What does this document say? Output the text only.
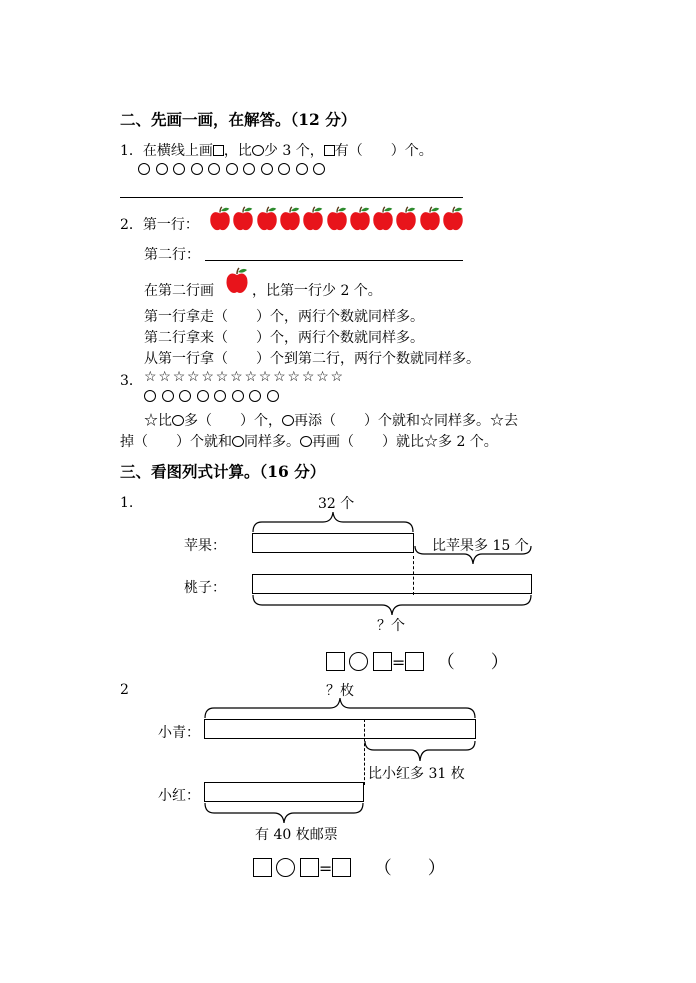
二、先画一画，在解答。（12 分）
1．在横线上画 ，比 少 3 个， 有（　　）个。
2．第一行：
第二行：
在第二行画	，比第一行少 2 个。
第一行拿走（　　）个，两行个数就同样多。
第二行拿来（　　）个，两行个数就同样多。
从第一行拿（　　）个到第二行，两行个数就同样多。
3． ☆☆☆☆☆☆☆☆☆☆☆☆☆☆
☆比 多（　　）个， 再添（　　）个就和☆同样多。☆去
掉（　　）个就和 同样多。 再画（　　）就比☆多 2 个。
三、看图列式计算。（16 分）
1.	32 个
苹果：	比苹果多 15 个
桃子：
？个
= （　　）
2	？枚
小青：
比小红多 31 枚
小红：
有 40 枚邮票
= （　　）
